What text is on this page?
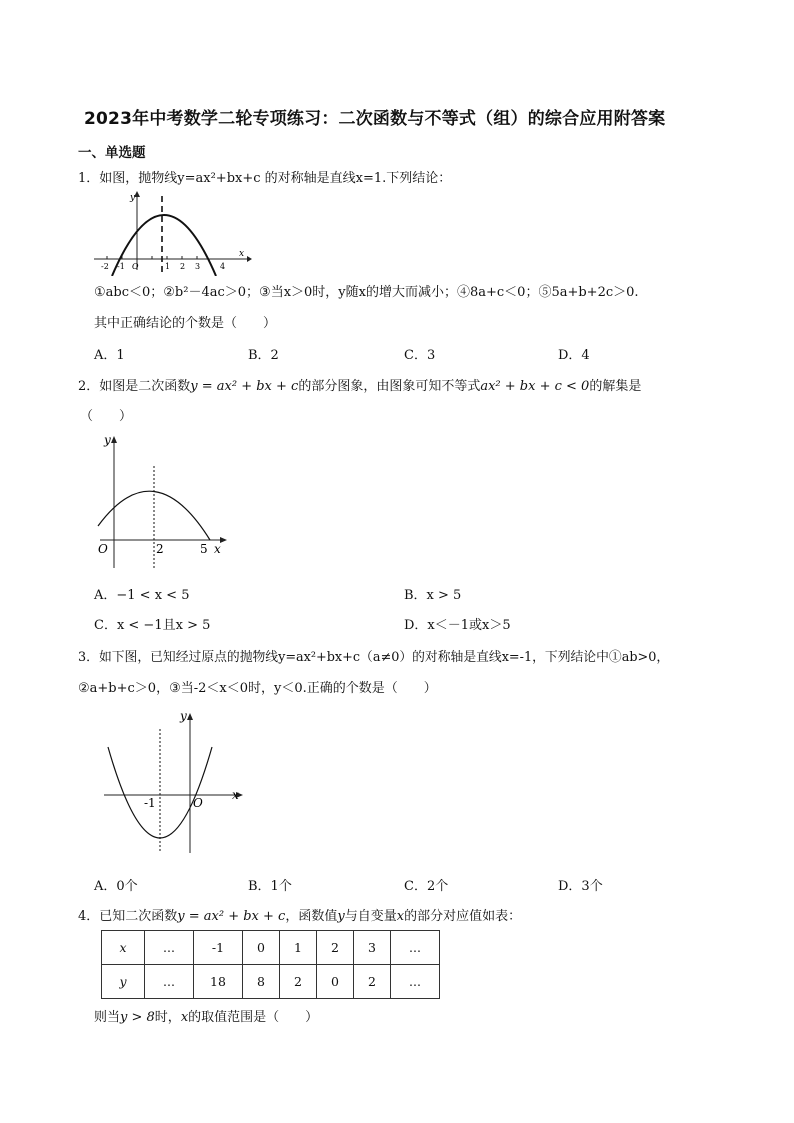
2023年中考数学二轮专项练习：二次函数与不等式（组）的综合应用附答案
一、单选题
1．如图，抛物线y=ax²+bx+c 的对称轴是直线x=1.下列结论：
y
x
-2 -1 O	1 2 3 4
①abc＜0；②b²－4ac＞0；③当x＞0时，y随x的增大而减小；④8a+c＜0；⑤5a+b+2c＞0.
其中正确结论的个数是（　　）
A．1	B．2	C．3	D．4
2．如图是二次函数y = ax² + bx + c的部分图象，由图象可知不等式ax² + bx + c < 0的解集是
（　　）
y
O	2	5 x
A．−1 < x < 5	B．x > 5
C．x < −1且x > 5	D．x＜－1或x＞5
3．如下图，已知经过原点的抛物线y=ax²+bx+c（a≠0）的对称轴是直线x=-1，下列结论中①ab>0，
②a+b+c＞0，③当-2＜x＜0时，y＜0.正确的个数是（　　）
y
x
-1	O
A．0个	B．1个	C．2个	D．3个
4．已知二次函数y = ax² + bx + c，函数值y与自变量x的部分对应值如表：
x	...	-1	0	1	2	3	...
y	...	18	8	2	0	2	...
则当y > 8时，x的取值范围是（　　）
